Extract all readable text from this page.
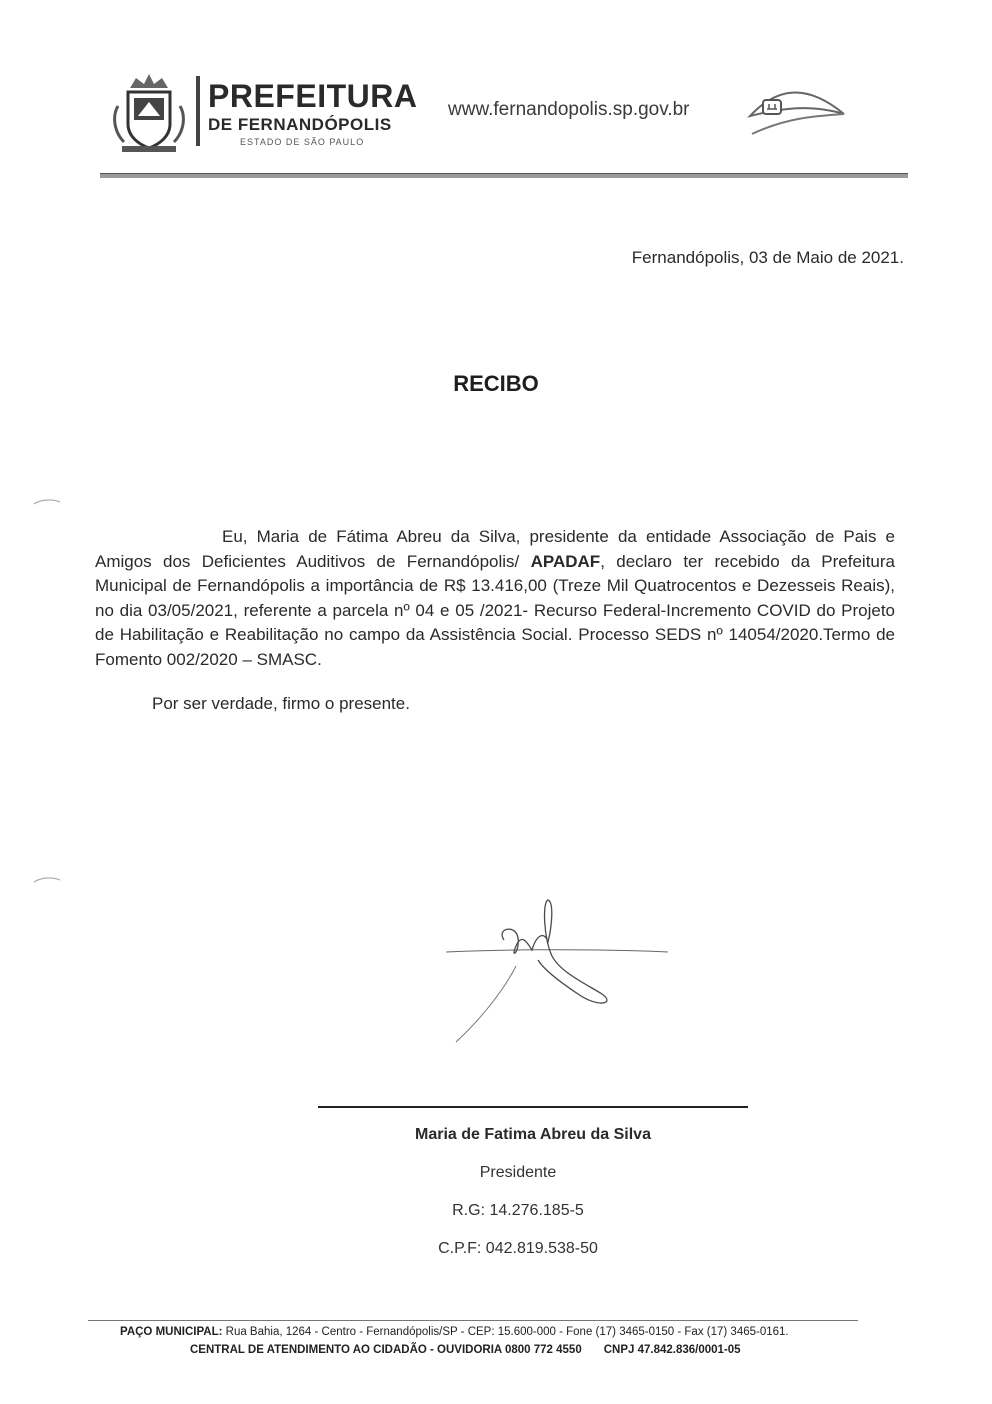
PREFEITURA
DE FERNANDÓPOLIS
ESTADO DE SÃO PAULO
www.fernandopolis.sp.gov.br
Fernandópolis, 03 de Maio de 2021.
RECIBO

Eu, Maria de Fátima Abreu da Silva, presidente da entidade Associação de Pais e Amigos dos Deficientes Auditivos de Fernandópolis/ APADAF, declaro ter recebido da Prefeitura Municipal de Fernandópolis a importância de R$ 13.416,00 (Treze Mil Quatrocentos e Dezesseis Reais), no dia 03/05/2021, referente a parcela nº 04 e 05 /2021- Recurso Federal-Incremento COVID do Projeto de Habilitação e Reabilitação no campo da Assistência Social. Processo SEDS nº 14054/2020.Termo de Fomento 002/2020 – SMASC.

Por ser verdade, firmo o presente.
Maria de Fatima Abreu da Silva
Presidente
R.G: 14.276.185-5
C.P.F: 042.819.538-50
PAÇO MUNICIPAL: Rua Bahia, 1264 - Centro - Fernandópolis/SP - CEP: 15.600-000 - Fone (17) 3465-0150 - Fax (17) 3465-0161.
CENTRAL DE ATENDIMENTO AO CIDADÃO - OUVIDORIA 0800 772 4550 CNPJ 47.842.836/0001-05
